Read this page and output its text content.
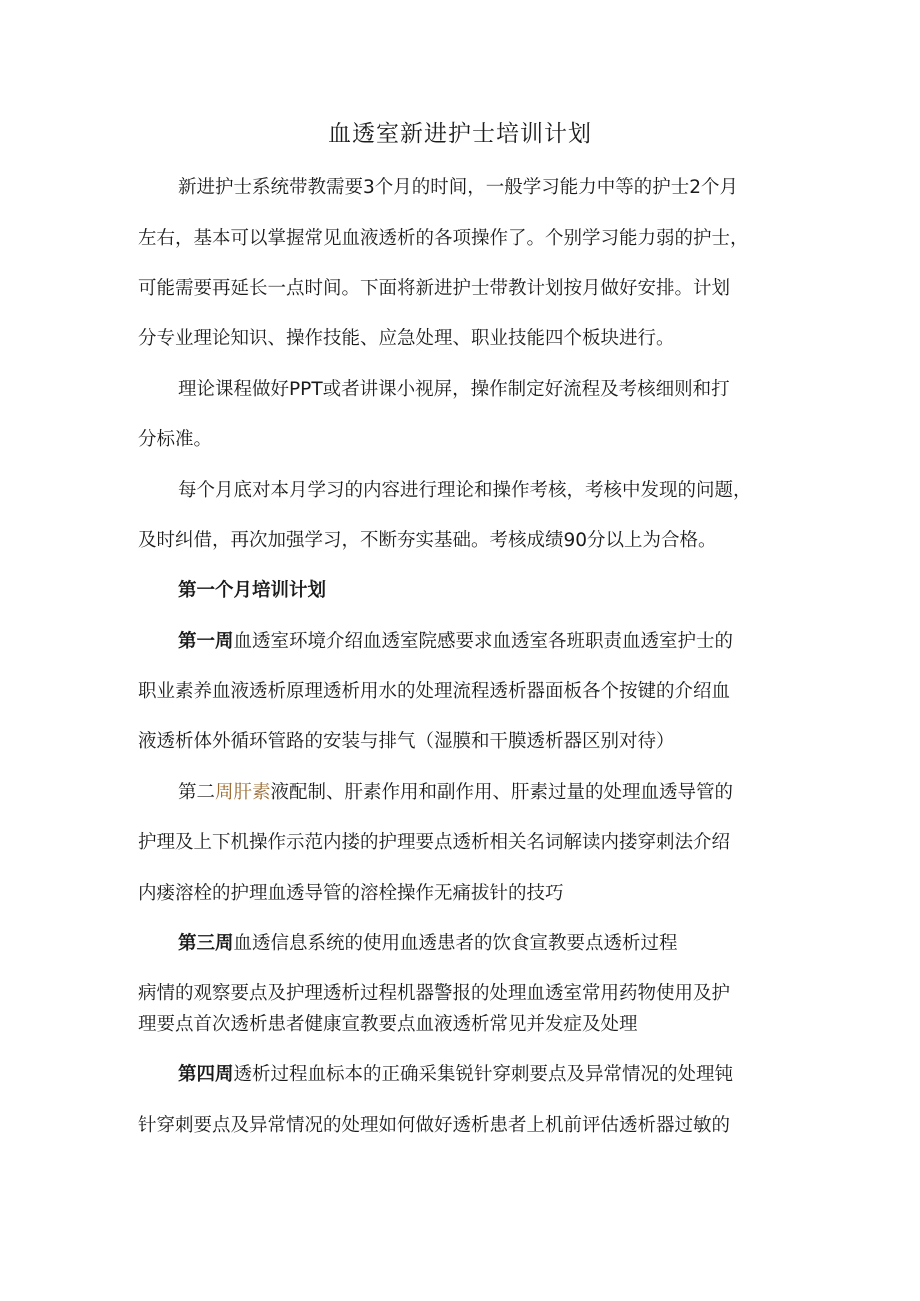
血透室新进护士培训计划

新进护士系统带教需要3个月的时间，一般学习能力中等的护士2个月

左右，基本可以掌握常见血液透析的各项操作了。个别学习能力弱的护士，

可能需要再延长一点时间。下面将新进护士带教计划按月做好安排。计划

分专业理论知识、操作技能、应急处理、职业技能四个板块进行。

理论课程做好PPT或者讲课小视屏，操作制定好流程及考核细则和打

分标准。

每个月底对本月学习的内容进行理论和操作考核，考核中发现的问题，

及时纠借，再次加强学习，不断夯实基础。考核成绩90分以上为合格。

第一个月培训计划

第一周血透室环境介绍血透室院感要求血透室各班职责血透室护士的

职业素养血液透析原理透析用水的处理流程透析器面板各个按键的介绍血

液透析体外循环管路的安装与排气（湿膜和干膜透析器区别对待）

第二周肝素液配制、肝素作用和副作用、肝素过量的处理血透导管的

护理及上下机操作示范内搂的护理要点透析相关名词解读内搂穿刺法介绍

内瘘溶栓的护理血透导管的溶栓操作无痛拔针的技巧

第三周血透信息系统的使用血透患者的饮食宣教要点透析过程

病情的观察要点及护理透析过程机器警报的处理血透室常用药物使用及护

理要点首次透析患者健康宣教要点血液透析常见并发症及处理

第四周透析过程血标本的正确采集锐针穿刺要点及异常情况的处理钝

针穿刺要点及异常情况的处理如何做好透析患者上机前评估透析器过敏的
